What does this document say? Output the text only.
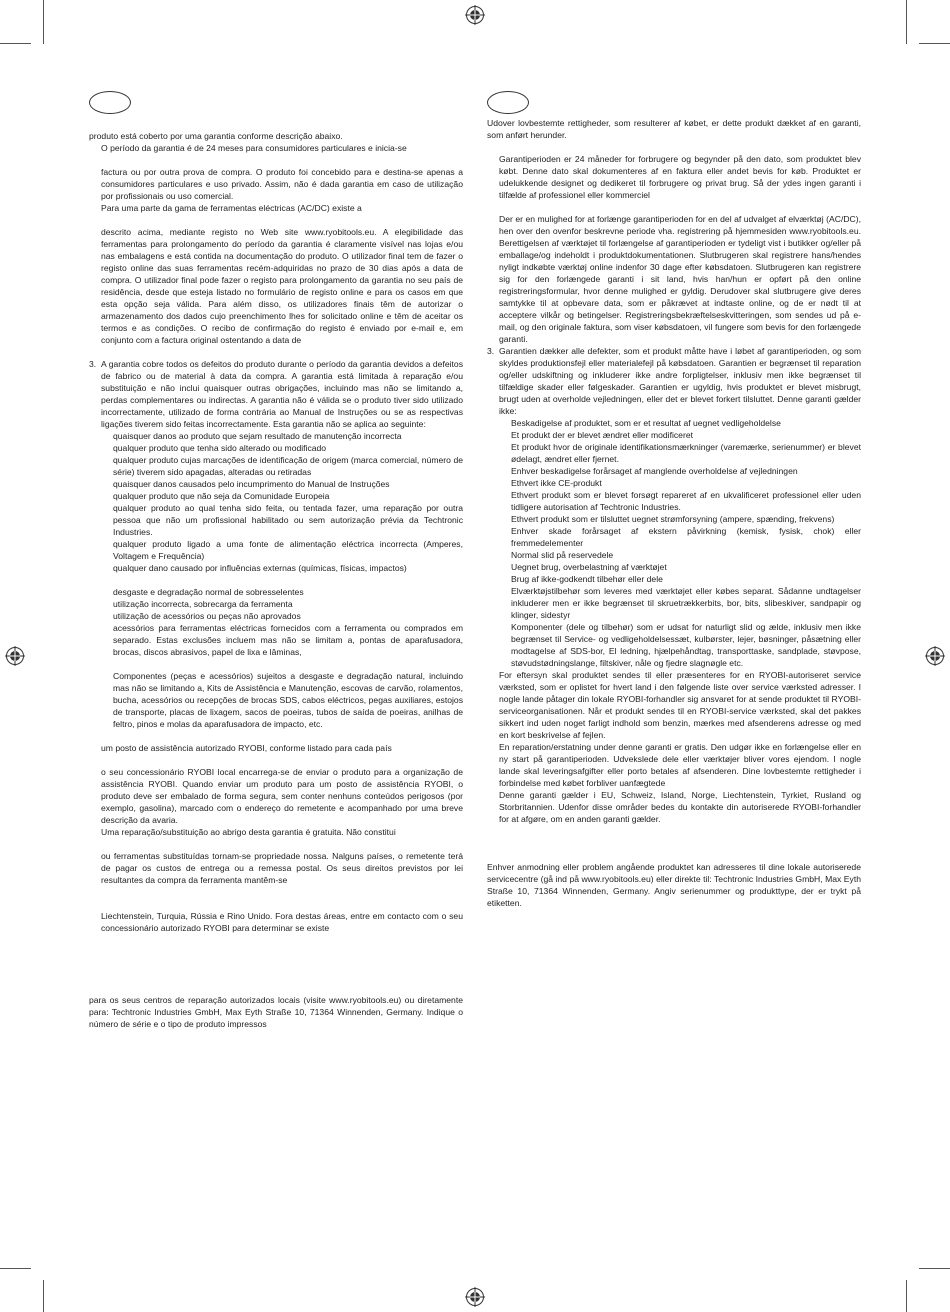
produto está coberto por uma garantia conforme descrição abaixo.

O período da garantia é de 24 meses para consumidores particulares e inicia-se

factura ou por outra prova de compra. O produto foi concebido para e destina-se apenas a consumidores particulares e uso privado. Assim, não é dada garantia em caso de utilização por profissionais ou uso comercial.

Para uma parte da gama de ferramentas eléctricas (AC/DC) existe a

descrito acima, mediante registo no Web site www.ryobitools.eu. A elegibilidade das ferramentas para prolongamento do período da garantia é claramente visível nas lojas e/ou nas embalagens e está contida na documentação do produto. O utilizador final tem de fazer o registo online das suas ferramentas recém-adquiridas no prazo de 30 dias após a data de compra. O utilizador final pode fazer o registo para prolongamento da garantia no seu país de residência, desde que esteja listado no formulário de registo online e para os casos em que esta opção seja válida. Para além disso, os utilizadores finais têm de autorizar o armazenamento dos dados cujo preenchimento lhes for solicitado online e têm de aceitar os termos e as condições. O recibo de confirmação do registo é enviado por e-mail e, em conjunto com a factura original ostentando a data de

3. A garantia cobre todos os defeitos do produto durante o período da garantia devidos a defeitos de fabrico ou de material à data da compra. A garantia está limitada à reparação e/ou substituição e não inclui quaisquer outras obrigações, incluindo mas não se limitando a, perdas complementares ou indirectas. A garantia não é válida se o produto tiver sido utilizado incorrectamente, utilizado de forma contrária ao Manual de Instruções ou se as respectivas ligações tiverem sido feitas incorrectamente. Esta garantia não se aplica ao seguinte:

quaisquer danos ao produto que sejam resultado de manutenção incorrecta

qualquer produto que tenha sido alterado ou modificado

qualquer produto cujas marcações de identificação de origem (marca comercial, número de série) tiverem sido apagadas, alteradas ou retiradas

quaisquer danos causados pelo incumprimento do Manual de Instruções

qualquer produto que não seja da Comunidade Europeia

qualquer produto ao qual tenha sido feita, ou tentada fazer, uma reparação por outra pessoa que não um profissional habilitado ou sem autorização prévia da Techtronic Industries.

qualquer produto ligado a uma fonte de alimentação eléctrica incorrecta (Amperes, Voltagem e Frequência)

qualquer dano causado por influências externas (químicas, físicas, impactos)

desgaste e degradação normal de sobresselentes

utilização incorrecta, sobrecarga da ferramenta

utilização de acessórios ou peças não aprovados

acessórios para ferramentas eléctricas fornecidos com a ferramenta ou comprados em separado. Estas exclusões incluem mas não se limitam a, pontas de aparafusadora, brocas, discos abrasivos, papel de lixa e lâminas,

Componentes (peças e acessórios) sujeitos a desgaste e degradação natural, incluindo mas não se limitando a, Kits de Assistência e Manutenção, escovas de carvão, rolamentos, bucha, acessórios ou recepções de brocas SDS, cabos eléctricos, pegas auxiliares, estojos de transporte, placas de lixagem, sacos de poeiras, tubos de saída de poeiras, anilhas de feltro, pinos e molas da aparafusadora de impacto, etc.

um posto de assistência autorizado RYOBI, conforme listado para cada país

o seu concessionário RYOBI local encarrega-se de enviar o produto para a organização de assistência RYOBI. Quando enviar um produto para um posto de assistência RYOBI, o produto deve ser embalado de forma segura, sem conter nenhuns conteúdos perigosos (por exemplo, gasolina), marcado com o endereço do remetente e acompanhado por uma breve descrição da avaria.

Uma reparação/substituição ao abrigo desta garantia é gratuita. Não constitui

ou ferramentas substituídas tornam-se propriedade nossa. Nalguns países, o remetente terá de pagar os custos de entrega ou a remessa postal. Os seus direitos previstos por lei resultantes da compra da ferramenta mantêm-se

Liechtenstein, Turquia, Rússia e Rino Unido. Fora destas áreas, entre em contacto com o seu concessionário autorizado RYOBI para determinar se existe

para os seus centros de reparação autorizados locais (visite www.ryobitools.eu) ou diretamente para: Techtronic Industries GmbH, Max Eyth Straße 10, 71364 Winnenden, Germany. Indique o número de série e o tipo de produto impressos

Udover lovbestemte rettigheder, som resulterer af købet, er dette produkt dækket af en garanti, som anført herunder.

Garantiperioden er 24 måneder for forbrugere og begynder på den dato, som produktet blev købt. Denne dato skal dokumenteres af en faktura eller andet bevis for køb. Produktet er udelukkende designet og dedikeret til forbrugere og privat brug. Så der ydes ingen garanti i tilfælde af professionel eller kommerciel

Der er en mulighed for at forlænge garantiperioden for en del af udvalget af elværktøj (AC/DC), hen over den ovenfor beskrevne periode vha. registrering på hjemmesiden www.ryobitools.eu. Berettigelsen af værktøjet til forlængelse af garantiperioden er tydeligt vist i butikker og/eller på emballage/og indeholdt i produktdokumentationen. Slutbrugeren skal registrere hans/hendes nyligt indkøbte værktøj online indenfor 30 dage efter købsdatoen. Slutbrugeren kan registrere sig for den forlængede garanti i sit land, hvis han/hun er opført på den online registreringsformular, hvor denne mulighed er gyldig. Derudover skal slutbrugere give deres samtykke til at opbevare data, som er påkrævet at indtaste online, og de er nødt til at acceptere vilkår og betingelser. Registreringsbekræftelseskvitteringen, som sendes ud på e-mail, og den originale faktura, som viser købsdatoen, vil fungere som bevis for den forlængede garanti.

3. Garantien dækker alle defekter, som et produkt måtte have i løbet af garantiperioden, og som skyldes produktionsfejl eller materialefejl på købsdatoen. Garantien er begrænset til reparation og/eller udskiftning og inkluderer ikke andre forpligtelser, inklusiv men ikke begrænset til tilfældige skader eller følgeskader. Garantien er ugyldig, hvis produktet er blevet misbrugt, brugt uden at overholde vejledningen, eller det er blevet forkert tilsluttet. Denne garanti gælder ikke:

Beskadigelse af produktet, som er et resultat af uegnet vedligeholdelse

Et produkt der er blevet ændret eller modificeret

Et produkt hvor de originale identifikationsmærkninger (varemærke, serienummer) er blevet ødelagt, ændret eller fjernet.

Enhver beskadigelse forårsaget af manglende overholdelse af vejledningen

Ethvert ikke CE-produkt

Ethvert produkt som er blevet forsøgt repareret af en ukvalificeret professionel eller uden tidligere autorisation af Techtronic Industries.

Ethvert produkt som er tilsluttet uegnet strømforsyning (ampere, spænding, frekvens)

Enhver skade forårsaget af ekstern påvirkning (kemisk, fysisk, chok) eller fremmedelementer

Normal slid på reservedele

Uegnet brug, overbelastning af værktøjet

Brug af ikke-godkendt tilbehør eller dele

Elværktøjstilbehør som leveres med værktøjet eller købes separat. Sådanne undtagelser inkluderer men er ikke begrænset til skruetrækkerbits, bor, bits, slibeskiver, sandpapir og klinger, sidestyr

Komponenter (dele og tilbehør) som er udsat for naturligt slid og ælde, inklusiv men ikke begrænset til Service- og vedligeholdelsessæt, kulbørster, lejer, bøsninger, påsætning eller modtagelse af SDS-bor, El ledning, hjælpehåndtag, transporttaske, sandplade, støvpose, støvudstødningslange, filtskiver, nåle og fjedre slagnøgle etc.

For eftersyn skal produktet sendes til eller præsenteres for en RYOBI-autoriseret service værksted, som er oplistet for hvert land i den følgende liste over service værksted adresser. I nogle lande påtager din lokale RYOBI-forhandler sig ansvaret for at sende produktet til RYOBI-serviceorganisationen. Når et produkt sendes til en RYOBI-service værksted, skal det pakkes sikkert ind uden noget farligt indhold som benzin, mærkes med afsenderens adresse og med en kort beskrivelse af fejlen.

En reparation/erstatning under denne garanti er gratis. Den udgør ikke en forlængelse eller en ny start på garantiperioden. Udvekslede dele eller værktøjer bliver vores ejendom. I nogle lande skal leveringsafgifter eller porto betales af afsenderen. Dine lovbestemte rettigheder i forbindelse med købet forbliver uanfægtede

Denne garanti gælder i EU, Schweiz, Island, Norge, Liechtenstein, Tyrkiet, Rusland og Storbritannien. Udenfor disse områder bedes du kontakte din autoriserede RYOBI-forhandler for at afgøre, om en anden garanti gælder.

Enhver anmodning eller problem angående produktet kan adresseres til dine lokale autoriserede servicecentre (gå ind på www.ryobitools.eu) eller direkte til: Techtronic Industries GmbH, Max Eyth Straße 10, 71364 Winnenden, Germany. Angiv serienummer og produkttype, der er trykt på etiketten.
